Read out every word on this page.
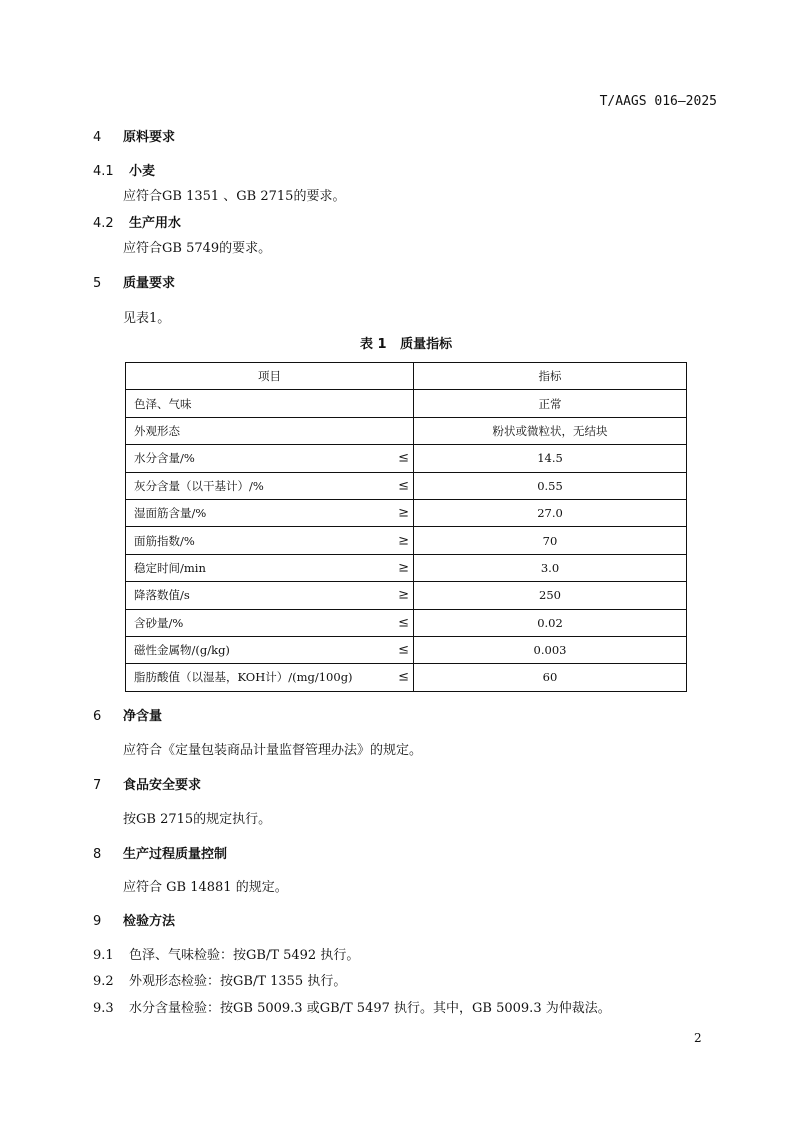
T/AAGS 016—2025
4 原料要求
4.1 小麦
应符合GB 1351 、GB 2715的要求。
4.2 生产用水
应符合GB 5749的要求。
5 质量要求
见表1。
表 1   质量指标
项目	指标
色泽、气味	正常
外观形态	粉状或微粒状，无结块
水分含量/% ≤	14.5
灰分含量（以干基计）/% ≤	0.55
湿面筋含量/% ≥	27.0
面筋指数/% ≥	70
稳定时间/min ≥	3.0
降落数值/s ≥	250
含砂量/% ≤	0.02
磁性金属物/(g/kg) ≤	0.003
脂肪酸值（以湿基，KOH计）/(mg/100g) ≤	60
6 净含量
应符合《定量包装商品计量监督管理办法》的规定。
7 食品安全要求
按GB 2715的规定执行。
8 生产过程质量控制
应符合 GB 14881 的规定。
9 检验方法
9.1 色泽、气味检验：按GB/T 5492 执行。
9.2 外观形态检验：按GB/T 1355 执行。
9.3 水分含量检验：按GB 5009.3 或GB/T 5497 执行。其中，GB 5009.3 为仲裁法。
2
